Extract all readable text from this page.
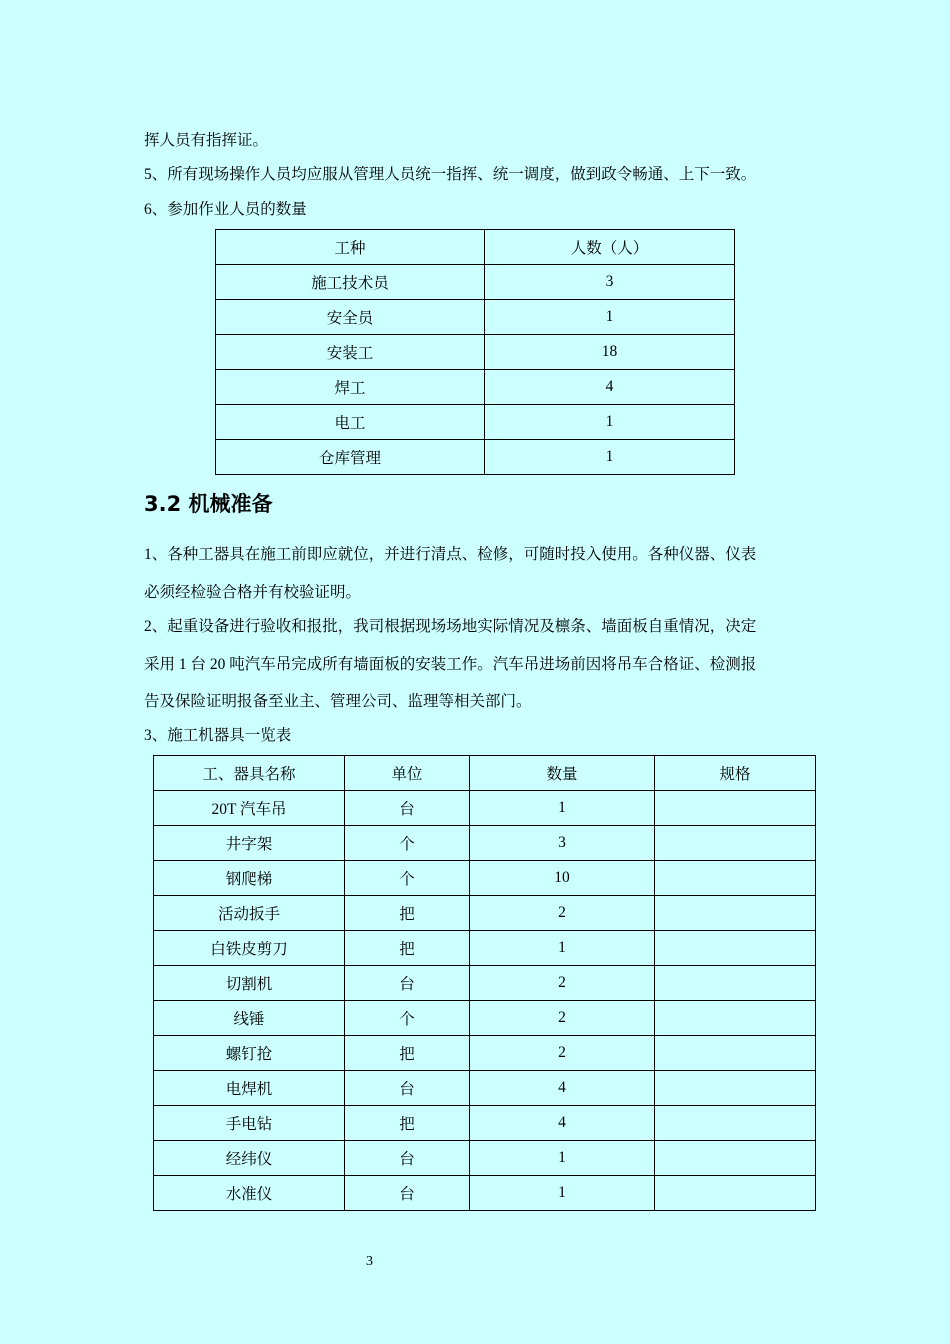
挥人员有指挥证。
5、所有现场操作人员均应服从管理人员统一指挥、统一调度，做到政令畅通、上下一致。
6、参加作业人员的数量
工种	人数（人）
施工技术员	3
安全员	1
安装工	18
焊工	4
电工	1
仓库管理	1
3.2 机械准备
1、各种工器具在施工前即应就位，并进行清点、检修，可随时投入使用。各种仪器、仪表
必须经检验合格并有校验证明。
2、起重设备进行验收和报批，我司根据现场场地实际情况及檩条、墙面板自重情况，决定
采用 1 台 20 吨汽车吊完成所有墙面板的安装工作。汽车吊进场前因将吊车合格证、检测报
告及保险证明报备至业主、管理公司、监理等相关部门。
3、施工机器具一览表
工、器具名称	单位	数量	规格
20T 汽车吊	台	1	
井字架	个	3	
钢爬梯	个	10	
活动扳手	把	2	
白铁皮剪刀	把	1	
切割机	台	2	
线锤	个	2	
螺钉抢	把	2	
电焊机	台	4	
手电钻	把	4	
经纬仪	台	1	
水准仪	台	1	
3
